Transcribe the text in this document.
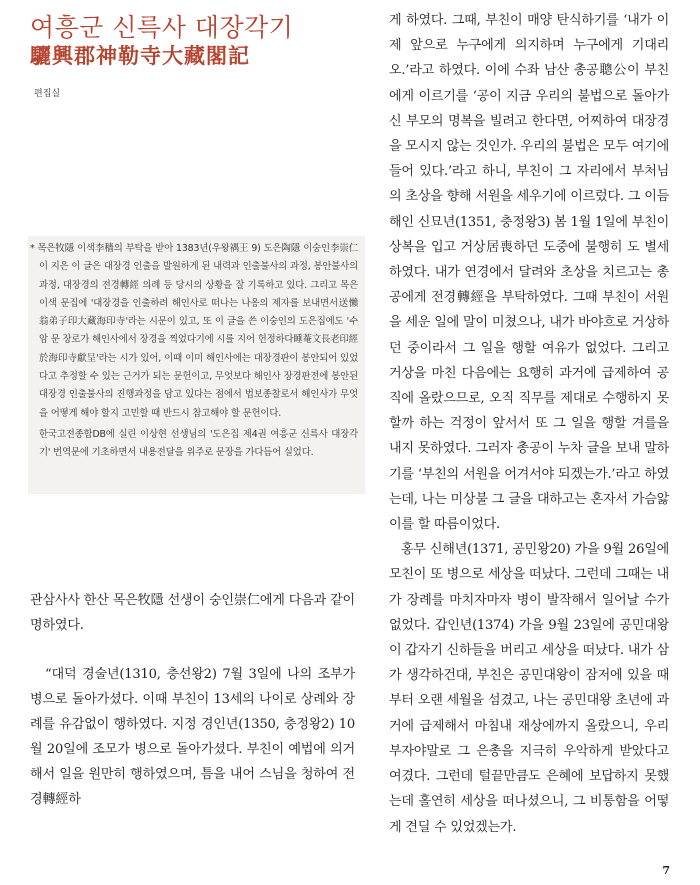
여흥군 신륵사 대장각기
驪興郡神勒寺大藏閣記
편집실

* 목은牧隱 이색李穡의 부탁을 받아 1383년(우왕禑王 9) 도은陶隱 이숭인李崇仁이 지은 이 글은 대장경 인출을 발원하게 된 내력과 인출불사의 과정, 봉안불사의 과정, 대장경의 전경轉經 의례 등 당시의 상황을 잘 기록하고 있다. 그리고 목은 이색 문집에 '대장경을 인출하려 해인사로 떠나는 나옹의 제자를 보내면서送懶翁弟子印大藏海印寺'라는 시문이 있고, 또 이 글을 쓴 이숭인의 도은집에도 '수암 문 장로가 해인사에서 장경을 찍었다기에 시를 지어 헌정하다睡菴文長老印經於海印寺獻呈'라는 시가 있어, 이때 이미 해인사에는 대장경판이 봉안되어 있었다고 추정할 수 있는 근거가 되는 문헌이고, 무엇보다 해인사 장경판전에 봉안된 대장경 인출불사의 진행과정을 담고 있다는 점에서 법보종찰로서 해인사가 무엇을 어떻게 해야 할지 고민할 때 반드시 참고해야 할 문헌이다.

한국고전종합DB에 실린 이상현 선생님의 '도은집 제4권 여흥군 신륵사 대장각기' 번역문에 기초하면서 내용전달을 위주로 문장을 가다듬어 실었다.

관삼사사 한산 목은牧隱 선생이 숭인崇仁에게 다음과 같이 명하였다.

“대덕 경술년(1310, 충선왕2) 7월 3일에 나의 조부가 병으로 돌아가셨다. 이때 부친이 13세의 나이로 상례와 장례를 유감없이 행하였다. 지정 경인년(1350, 충정왕2) 10월 20일에 조모가 병으로 돌아가셨다. 부친이 예법에 의거해서 일을 원만히 행하였으며, 틈을 내어 스님을 청하여 전경轉經하

게 하였다. 그때, 부친이 매양 탄식하기를 ‘내가 이제 앞으로 누구에게 의지하며 누구에게 기대리오.’라고 하였다. 이에 수좌 남산 총공聰公이 부친에게 이르기를 ‘공이 지금 우리의 불법으로 돌아가신 부모의 명복을 빌려고 한다면, 어찌하여 대장경을 모시지 않는 것인가. 우리의 불법은 모두 여기에 들어 있다.’라고 하니, 부친이 그 자리에서 부처님의 초상을 향해 서원을 세우기에 이르렀다. 그 이듬해인 신묘년(1351, 충정왕3) 봄 1월 1일에 부친이 상복을 입고 거상居喪하던 도중에 불행히 도 별세하였다. 내가 연경에서 달려와 초상을 치르고는 총공에게 전경轉經을 부탁하였다. 그때 부친이 서원을 세운 일에 말이 미쳤으나, 내가 바야흐로 거상하던 중이라서 그 일을 행할 여유가 없었다. 그리고 거상을 마친 다음에는 요행히 과거에 급제하여 공직에 올랐으므로, 오직 직무를 제대로 수행하지 못할까 하는 걱정이 앞서서 또 그 일을 행할 겨를을 내지 못하였다. 그러자 총공이 누차 글을 보내 말하기를 ‘부친의 서원을 어겨서야 되겠는가.’라고 하였는데, 나는 미상불 그 글을 대하고는 혼자서 가슴앓이를 할 따름이었다.

홍무 신해년(1371, 공민왕20) 가을 9월 26일에 모친이 또 병으로 세상을 떠났다. 그런데 그때는 내가 장례를 마치자마자 병이 발작해서 일어날 수가 없었다. 갑인년(1374) 가을 9월 23일에 공민대왕이 갑자기 신하들을 버리고 세상을 떠났다. 내가 삼가 생각하건대, 부친은 공민대왕이 잠저에 있을 때부터 오랜 세월을 섬겼고, 나는 공민대왕 초년에 과거에 급제해서 마침내 재상에까지 올랐으니, 우리 부자야말로 그 은총을 지극히 우악하게 받았다고 여겼다. 그런데 털끝만큼도 은혜에 보답하지 못했는데 홀연히 세상을 떠나셨으니, 그 비통함을 어떻게 견딜 수 있었겠는가.

7
